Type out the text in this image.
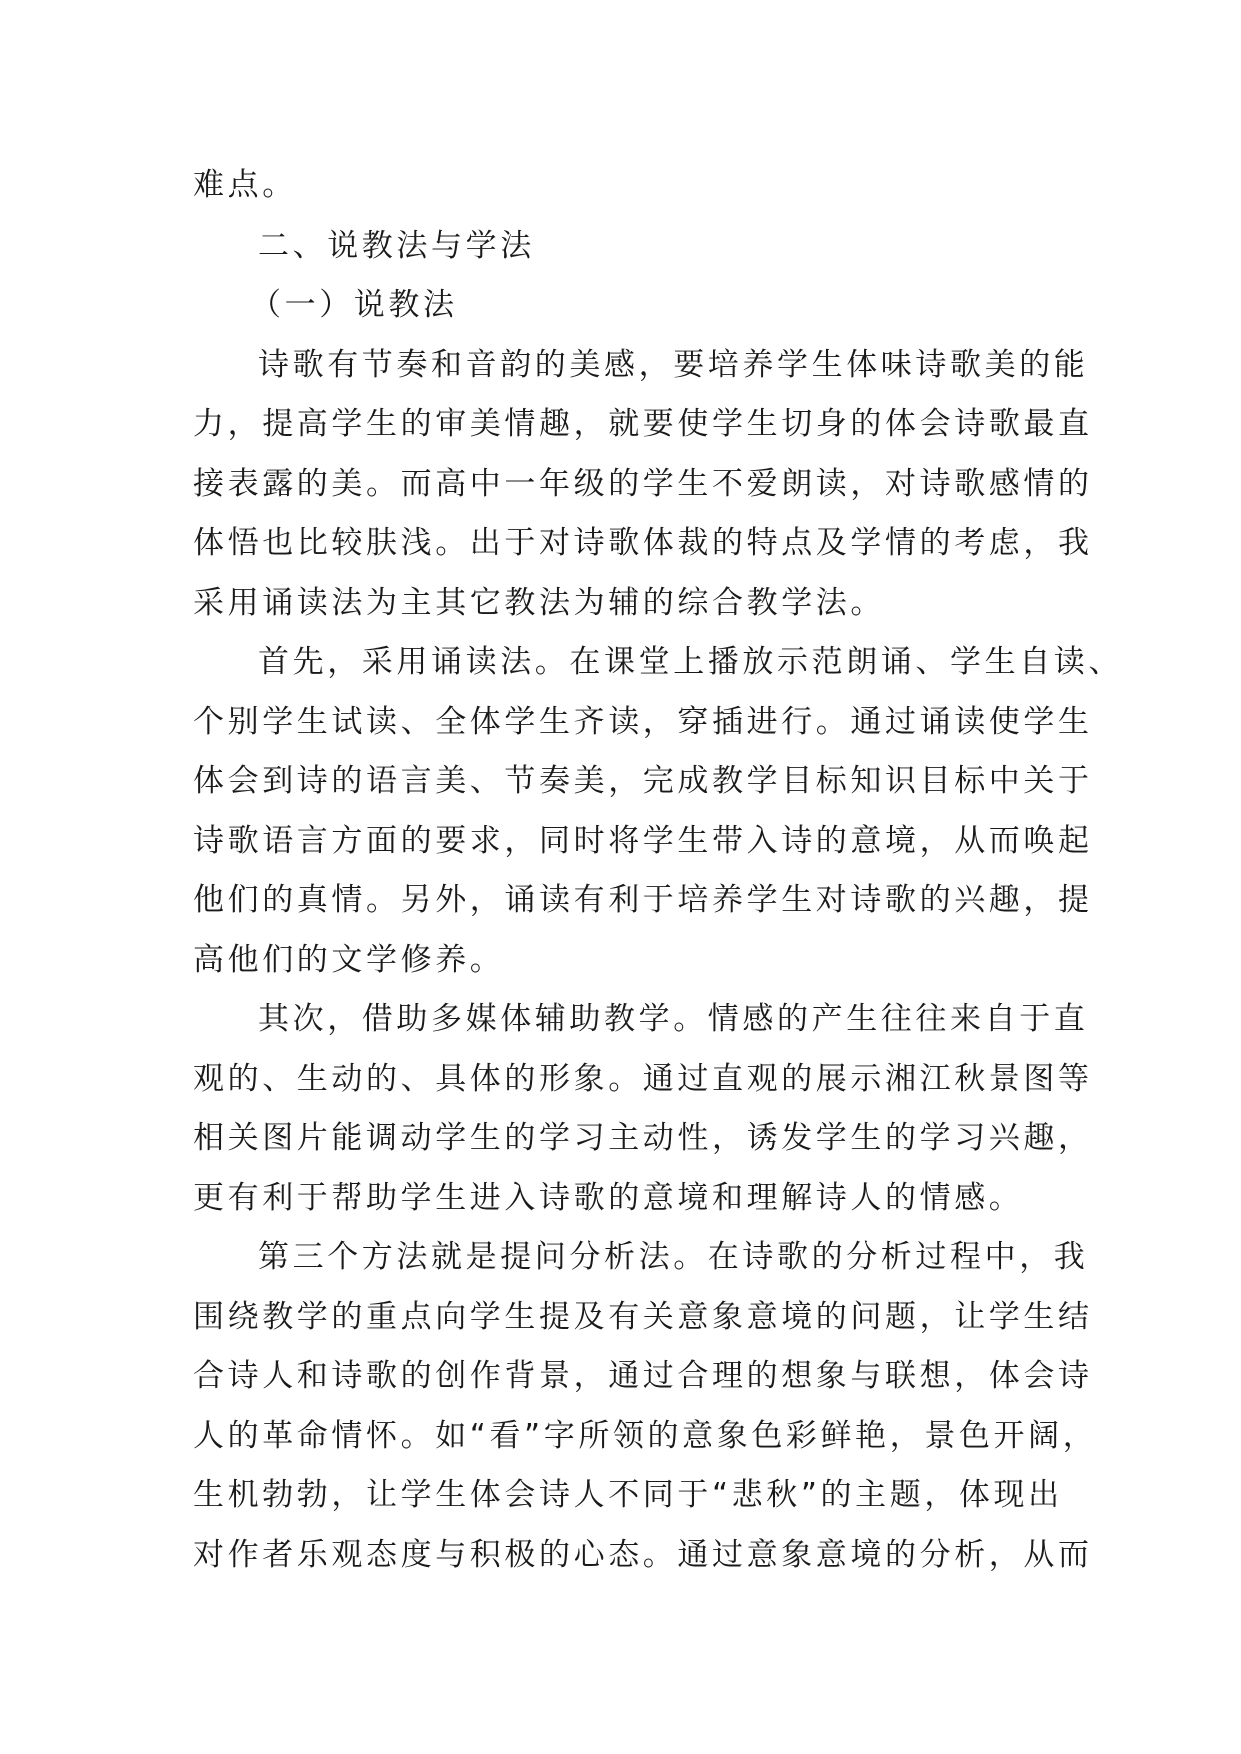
难点。
二、说教法与学法
（一）说教法
诗歌有节奏和音韵的美感，要培养学生体味诗歌美的能
力，提高学生的审美情趣，就要使学生切身的体会诗歌最直
接表露的美。而高中一年级的学生不爱朗读，对诗歌感情的
体悟也比较肤浅。出于对诗歌体裁的特点及学情的考虑，我
采用诵读法为主其它教法为辅的综合教学法。
首先，采用诵读法。在课堂上播放示范朗诵、学生自读、
个别学生试读、全体学生齐读，穿插进行。通过诵读使学生
体会到诗的语言美、节奏美，完成教学目标知识目标中关于
诗歌语言方面的要求，同时将学生带入诗的意境，从而唤起
他们的真情。另外，诵读有利于培养学生对诗歌的兴趣，提
高他们的文学修养。
其次，借助多媒体辅助教学。情感的产生往往来自于直
观的、生动的、具体的形象。通过直观的展示湘江秋景图等
相关图片能调动学生的学习主动性，诱发学生的学习兴趣，
更有利于帮助学生进入诗歌的意境和理解诗人的情感。
第三个方法就是提问分析法。在诗歌的分析过程中，我
围绕教学的重点向学生提及有关意象意境的问题，让学生结
合诗人和诗歌的创作背景，通过合理的想象与联想，体会诗
人的革命情怀。如“看”字所领的意象色彩鲜艳，景色开阔，
生机勃勃，让学生体会诗人不同于“悲秋”的主题，体现出
对作者乐观态度与积极的心态。通过意象意境的分析，从而
